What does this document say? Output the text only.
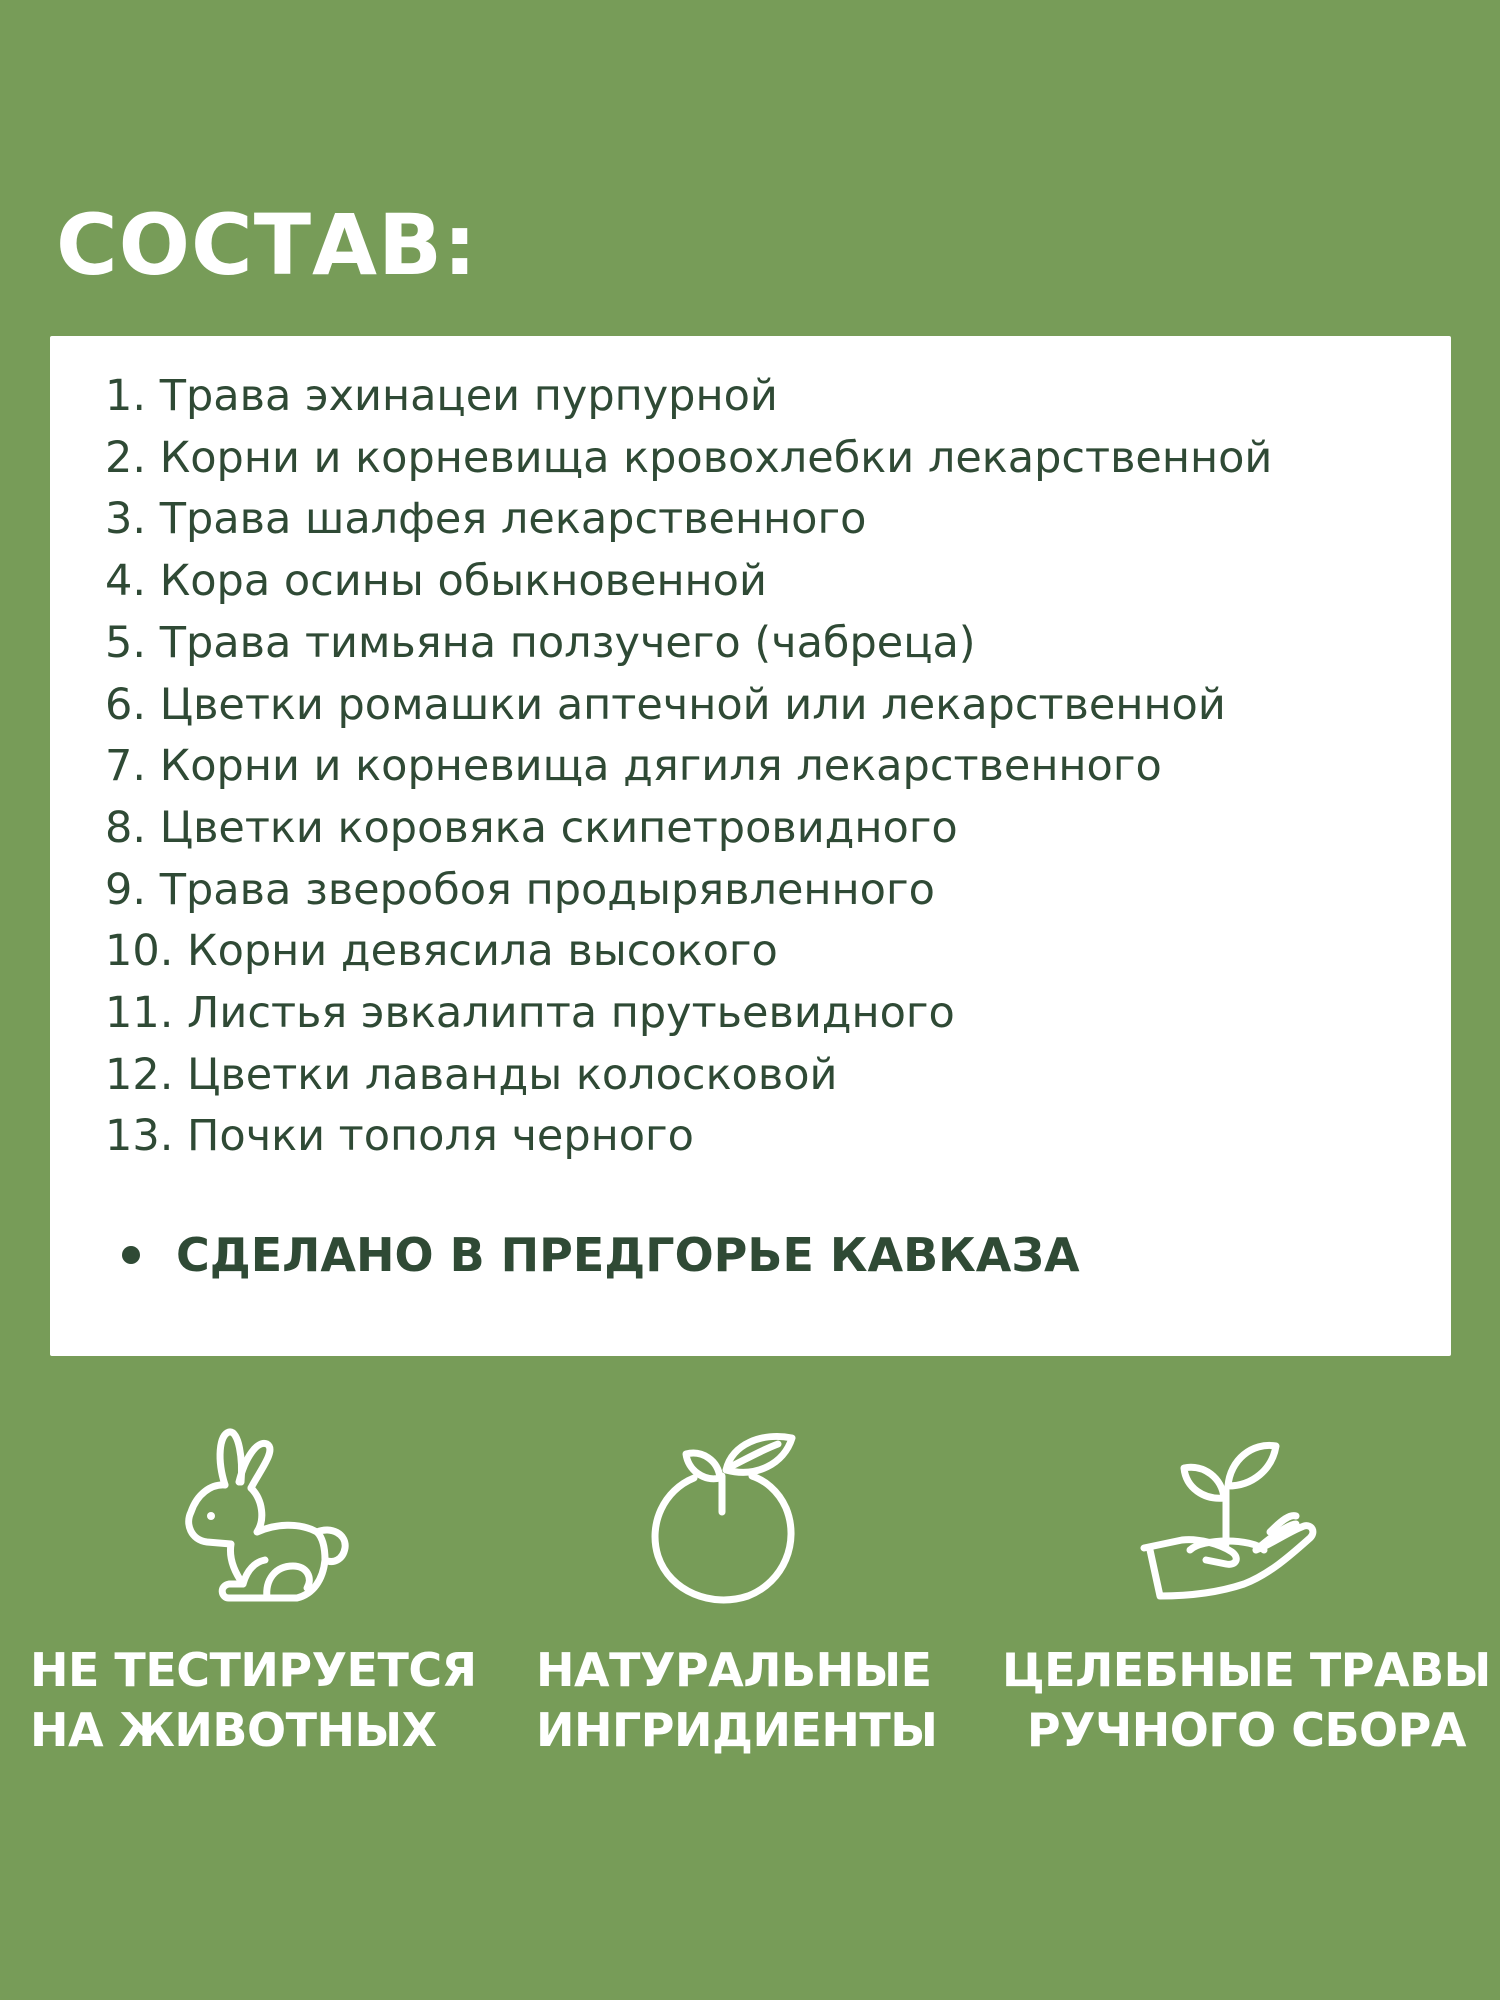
СОСТАВ:
1. Трава эхинацеи пурпурной
2. Корни и корневища кровохлебки лекарственной
3. Трава шалфея лекарственного
4. Кора осины обыкновенной
5. Трава тимьяна ползучего (чабреца)
6. Цветки ромашки аптечной или лекарственной
7. Корни и корневища дягиля лекарственного
8. Цветки коровяка скипетровидного
9. Трава зверобоя продырявленного
10. Корни девясила высокого
11. Листья эвкалипта прутьевидного
12. Цветки лаванды колосковой
13. Почки тополя черного
СДЕЛАНО В ПРЕДГОРЬЕ КАВКАЗА
НЕ ТЕСТИРУЕТСЯ
НА ЖИВОТНЫХ
НАТУРАЛЬНЫЕ
ИНГРИДИЕНТЫ
ЦЕЛЕБНЫЕ ТРАВЫ
РУЧНОГО СБОРА
